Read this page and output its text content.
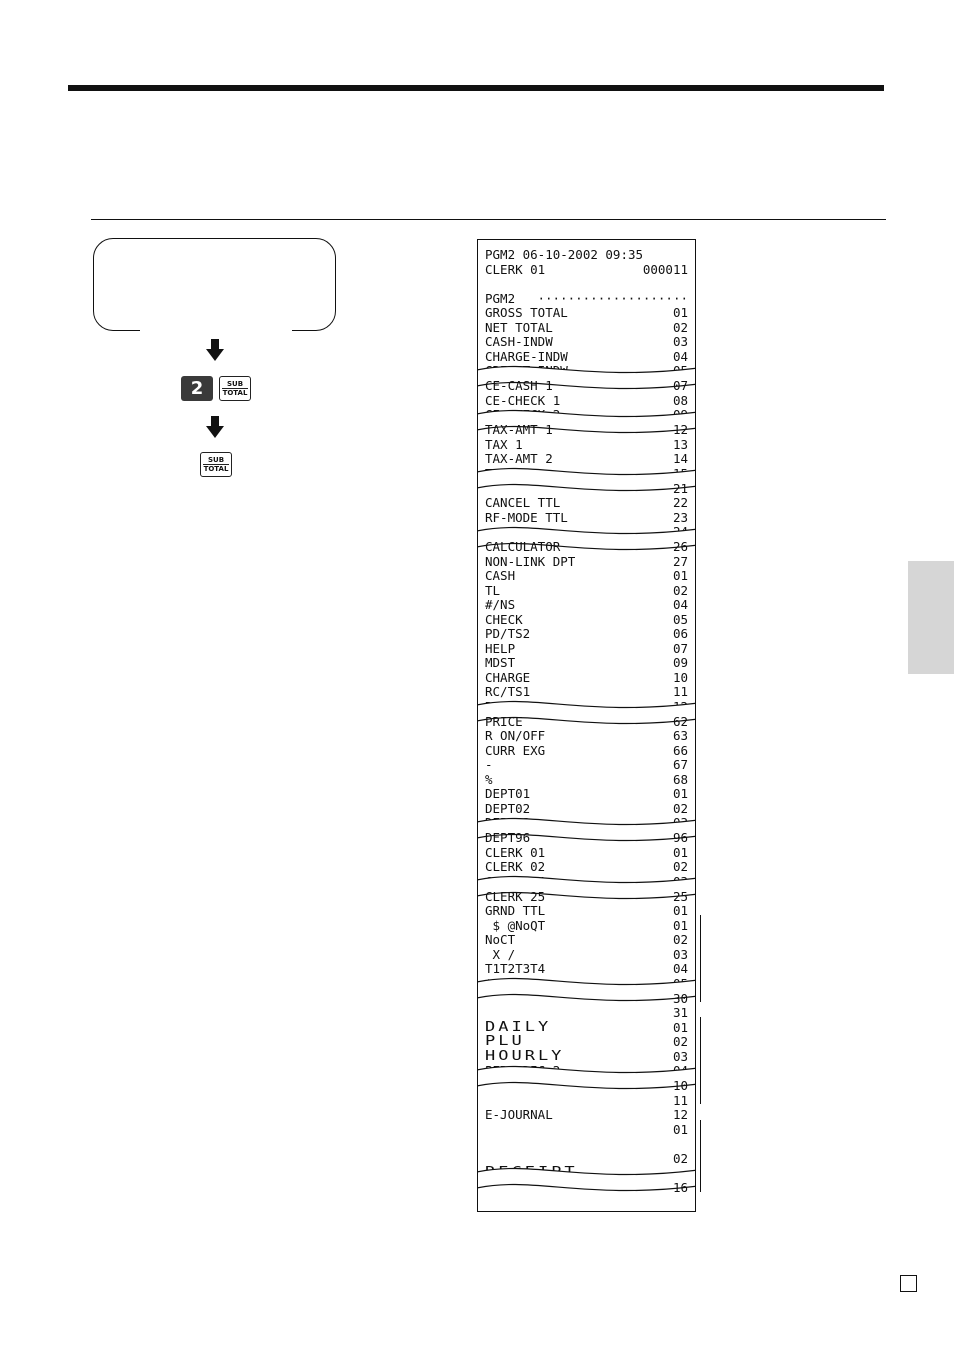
2	SUB
TOTAL
SUB
TOTAL
PGM2 06-10-2002 09:35
CLERK 01	000011
PGM2 ····················
GROSS TOTAL	01
NET TOTAL	02
CASH-INDW	03
CHARGE-INDW	04
CE-CASH 1	07
CE-CHECK 1	08
TAX-AMT 1	12
TAX 1	13
TAX-AMT 2	14
21
CANCEL TTL	22
RF-MODE TTL	23
CALCULATOR	26
NON-LINK DPT	27
CASH	01
TL	02
#/NS	04
CHECK	05
PD/TS2	06
HELP	07
MDST	09
CHARGE	10
RC/TS1	11
PRICE	62
R ON/OFF	63
CURR EXG	66
-	67
%	68
DEPT01	01
DEPT02	02
DEPT96	96
CLERK 01	01
CLERK 02	02
CLERK 25	25
GRND TTL	01
$ @NoQT	01
NoCT	02
X /	03
T1T2T3T4	04
30
31
DAILY	01
PLU	02
HOURLY	03
10
11
E-JOURNAL	12
01
02
16
